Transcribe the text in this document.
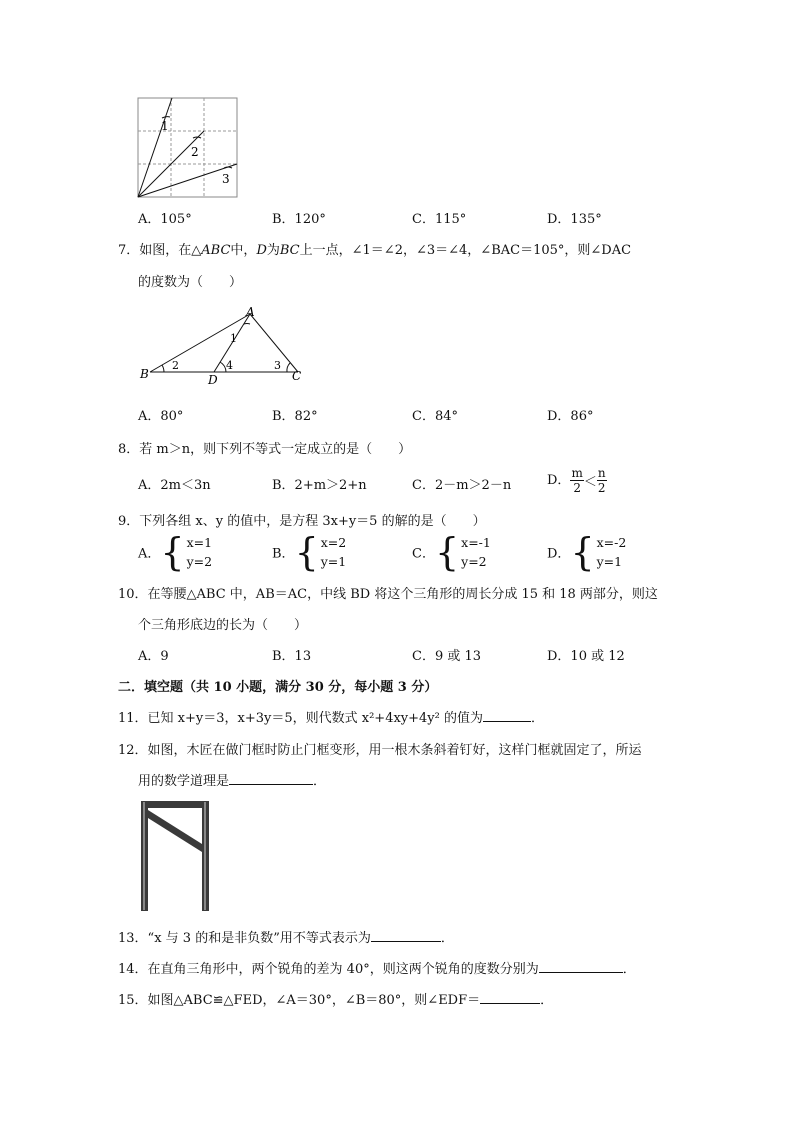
1
2
3
A．105°	B．120°	C．115°	D．135°
7．如图，在△ABC中，D为BC上一点，∠1＝∠2，∠3＝∠4，∠BAC＝105°，则∠DAC
的度数为（　　）
A
B	C
D
1
2	3
4
A．80°	B．82°	C．84°	D．86°
8．若 m＞n，则下列不等式一定成立的是（　　）
A．2m＜3n	B．2+m＞2+n	C．2－m＞2－n	D． $\frac{m}{2} < \frac{n}{2}$
9．下列各组 x、y 的值中，是方程 3x+y＝5 的解的是（　　）
A．{ x=1
y=2	B．{ x=2
y=1	C．{ x=-1
y=2	D．{ x=-2
y=1
10．在等腰△ABC 中，AB＝AC，中线 BD 将这个三角形的周长分成 15 和 18 两部分，则这
个三角形底边的长为（　　）
A．9	B．13	C．9 或 13	D．10 或 12
二．填空题（共 10 小题，满分 30 分，每小题 3 分）
11．已知 x+y＝3，x+3y＝5，则代数式 x²+4xy+4y² 的值为	．
12．如图，木匠在做门框时防止门框变形，用一根木条斜着钉好，这样门框就固定了，所运
用的数学道理是	．
13．“x 与 3 的和是非负数”用不等式表示为	．
14．在直角三角形中，两个锐角的差为 40°，则这两个锐角的度数分别为	．
15．如图△ABC≌△FED，∠A＝30°，∠B＝80°，则∠EDF＝	．
